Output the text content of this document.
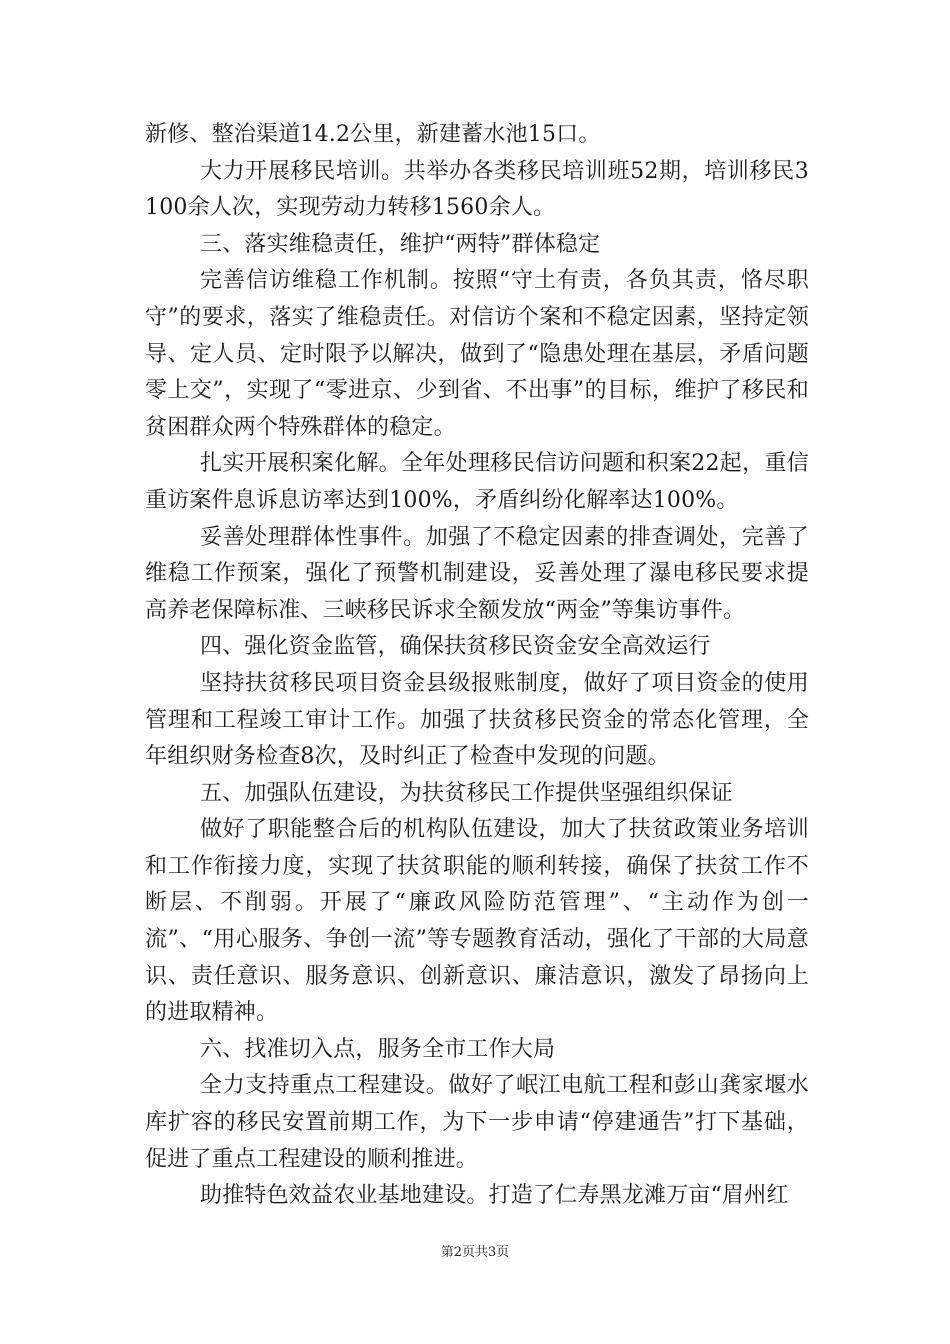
新修、整治渠道14.2公里，新建蓄水池15口。

大力开展移民培训。共举办各类移民培训班52期，培训移民3100余人次，实现劳动力转移1560余人。

三、落实维稳责任，维护“两特”群体稳定

完善信访维稳工作机制。按照“守土有责，各负其责，恪尽职守”的要求，落实了维稳责任。对信访个案和不稳定因素，坚持定领导、定人员、定时限予以解决，做到了“隐患处理在基层，矛盾问题零上交”，实现了“零进京、少到省、不出事”的目标，维护了移民和贫困群众两个特殊群体的稳定。

扎实开展积案化解。全年处理移民信访问题和积案22起，重信重访案件息诉息访率达到100%，矛盾纠纷化解率达100%。

妥善处理群体性事件。加强了不稳定因素的排查调处，完善了维稳工作预案，强化了预警机制建设，妥善处理了瀑电移民要求提高养老保障标准、三峡移民诉求全额发放“两金”等集访事件。

四、强化资金监管，确保扶贫移民资金安全高效运行

坚持扶贫移民项目资金县级报账制度，做好了项目资金的使用管理和工程竣工审计工作。加强了扶贫移民资金的常态化管理，全年组织财务检查8次，及时纠正了检查中发现的问题。

五、加强队伍建设，为扶贫移民工作提供坚强组织保证

做好了职能整合后的机构队伍建设，加大了扶贫政策业务培训和工作衔接力度，实现了扶贫职能的顺利转接，确保了扶贫工作不断层、不削弱。开展了“廉政风险防范管理”、“主动作为创一流”、“用心服务、争创一流”等专题教育活动，强化了干部的大局意识、责任意识、服务意识、创新意识、廉洁意识，激发了昂扬向上的进取精神。

六、找准切入点，服务全市工作大局

全力支持重点工程建设。做好了岷江电航工程和彭山龚家堰水库扩容的移民安置前期工作，为下一步申请“停建通告”打下基础，促进了重点工程建设的顺利推进。

助推特色效益农业基地建设。打造了仁寿黑龙滩万亩“眉州红

第2页共3页
